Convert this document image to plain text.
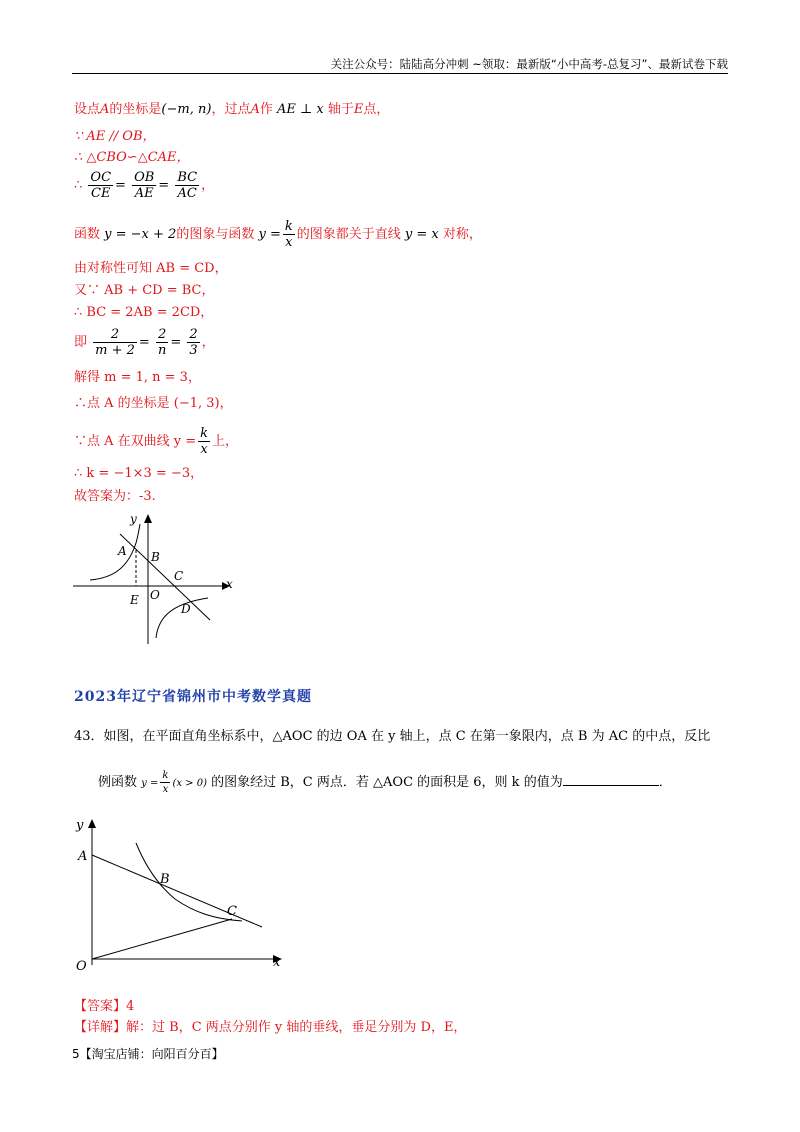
关注公众号：陆陆高分冲刺 ~领取：最新版“小中高考-总复习”、最新试卷下载
设点A的坐标是(−m, n)，过点A作 AE ⊥ x 轴于E点，
∵ AE // OB，
∴ △CBO∽△CAE，
∴ $\frac{OC}{CE} = \frac{OB}{AE} = \frac{BC}{AC}$ ，
函数 y = −x + 2的图象与函数 $y = \frac{k}{x}$ 的图象都关于直线 y = x 对称，
由对称性可知 AB = CD，
又∵ AB + CD = BC，
∴ BC = 2AB = 2CD，
即 $\frac{2}{m + 2} = \frac{2}{n} = \frac{2}{3}$ ，
解得 m = 1, n = 3，
∴点 A 的坐标是 (−1, 3)，
∵点 A 在双曲线 $y = \frac{k}{x}$ 上，
∴ k = −1×3 = −3，
故答案为：-3.
y
x
A B
C
D
E O
2023年辽宁省锦州市中考数学真题
43．如图，在平面直角坐标系中，△AOC 的边 OA 在 y 轴上，点 C 在第一象限内，点 B 为 AC 的中点，反比
例函数 $y = \frac{k}{x} (x > 0)$ 的图象经过 B，C 两点．若 △AOC 的面积是 6，则 k 的值为	．
y
x
A
B
C
O
【答案】4
【详解】解：过 B，C 两点分别作 y 轴的垂线，垂足分别为 D，E，
5【淘宝店铺：向阳百分百】
